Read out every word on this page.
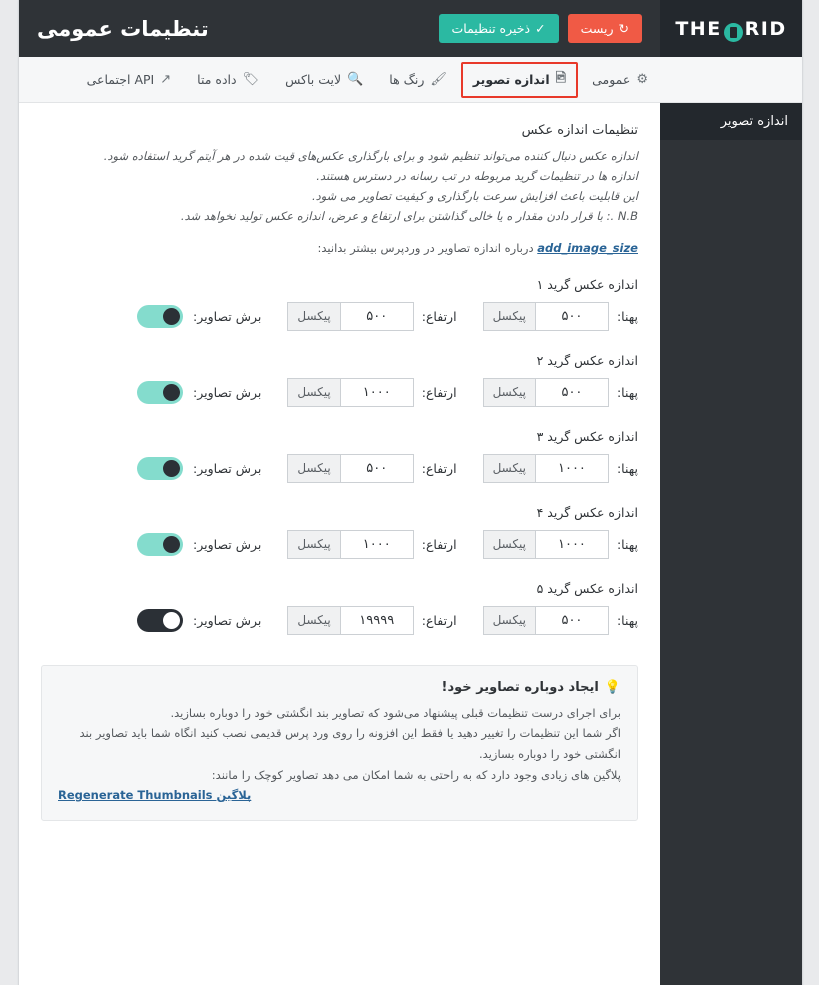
THE RID
↻
ریست
✓
ذخیره تنظیمات
تنظیمات عمومی
⚙
عمومی
🖻
اندازه تصویر
🖌
رنگ ها
🔍
لایت باکس
🏷
داده متا
↗
API اجتماعی
اندازه تصویر
تنظیمات اندازه عکس

اندازه عکس دنبال کننده می‌تواند تنظیم شود و برای بارگذاری عکس‌های قیت شده در هر آیتم گرید استفاده شود.

اندازه ها در تنظیمات گرید مربوطه در تب رسانه در دسترس هستند.

این قابلیت باعث افزایش سرعت بارگذاری و کیفیت تصاویر می شود.

N.B .: با قرار دادن مقدار ه یا خالی گذاشتن برای ارتفاع و عرض، اندازه عکس تولید نخواهد شد.

add_image_size درباره اندازه تصاویر در وردپرس بیشتر بدانید:
اندازه عکس گرید ۱
پهنا:
۵۰۰
پیکسل
ارتفاع:
۵۰۰
پیکسل
برش تصاویر:
اندازه عکس گرید ۲
پهنا:
۵۰۰
پیکسل
ارتفاع:
۱۰۰۰
پیکسل
برش تصاویر:
اندازه عکس گرید ۳
پهنا:
۱۰۰۰
پیکسل
ارتفاع:
۵۰۰
پیکسل
برش تصاویر:
اندازه عکس گرید ۴
پهنا:
۱۰۰۰
پیکسل
ارتفاع:
۱۰۰۰
پیکسل
برش تصاویر:
اندازه عکس گرید ۵
پهنا:
۵۰۰
پیکسل
ارتفاع:
۱۹۹۹۹
پیکسل
برش تصاویر:
💡
ایجاد دوباره تصاویر خود!

برای اجرای درست تنظیمات قبلی پیشنهاد می‌شود که تصاویر بند انگشتی خود را دوباره بسازید.

اگر شما این تنظیمات را تغییر دهید یا فقط این افزونه را روی ورد پرس قدیمی نصب کنید انگاه شما باید تصاویر بند انگشتی خود را دوباره بسازید.

پلاگین های زیادی وجود دارد که به راحتی به شما امکان می دهد تصاویر کوچک را مانند:

پلاگین Regenerate Thumbnails
